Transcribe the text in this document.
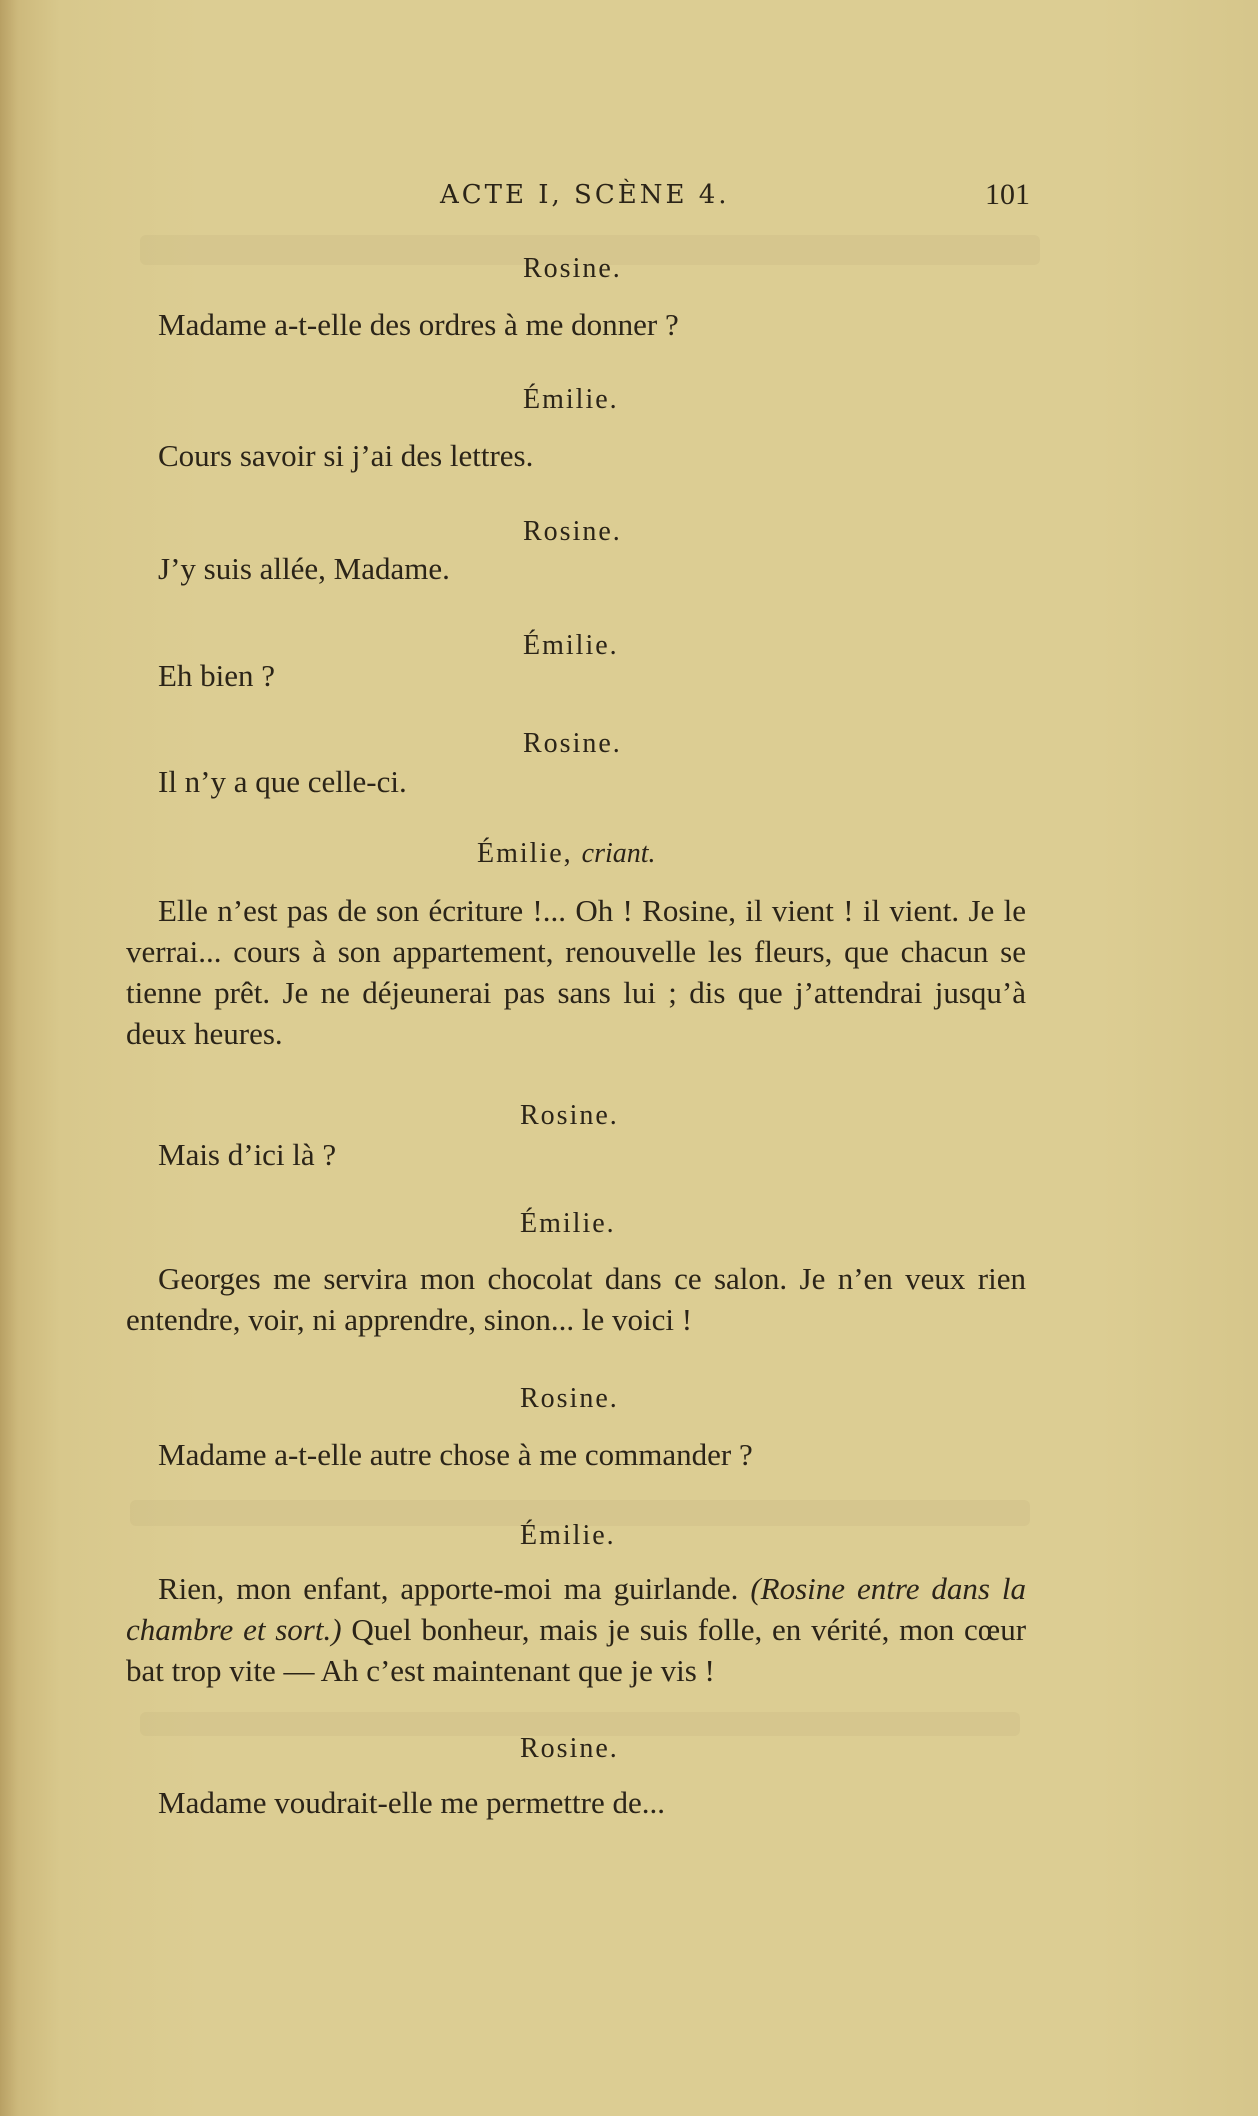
ACTE I, SCÈNE 4.	101
Rosine.
Madame a-t-elle des ordres à me donner ?
Émilie.
Cours savoir si j’ai des lettres.
Rosine.
J’y suis allée, Madame.
Émilie.
Eh bien ?
Rosine.
Il n’y a que celle-ci.
Émilie, criant.
Elle n’est pas de son écriture !... Oh ! Rosine, il vient ! il vient. Je le verrai... cours à son appartement, renouvelle les fleurs, que chacun se tienne prêt. Je ne déjeunerai pas sans lui ; dis que j’attendrai jusqu’à deux heures.
Rosine.
Mais d’ici là ?
Émilie.
Georges me servira mon chocolat dans ce salon. Je n’en veux rien entendre, voir, ni apprendre, sinon... le voici !
Rosine.
Madame a-t-elle autre chose à me commander ?
Émilie.
Rien, mon enfant, apporte-moi ma guirlande. (Rosine entre dans la chambre et sort.) Quel bonheur, mais je suis folle, en vérité, mon cœur bat trop vite — Ah c’est maintenant que je vis !
Rosine.
Madame voudrait-elle me permettre de...
